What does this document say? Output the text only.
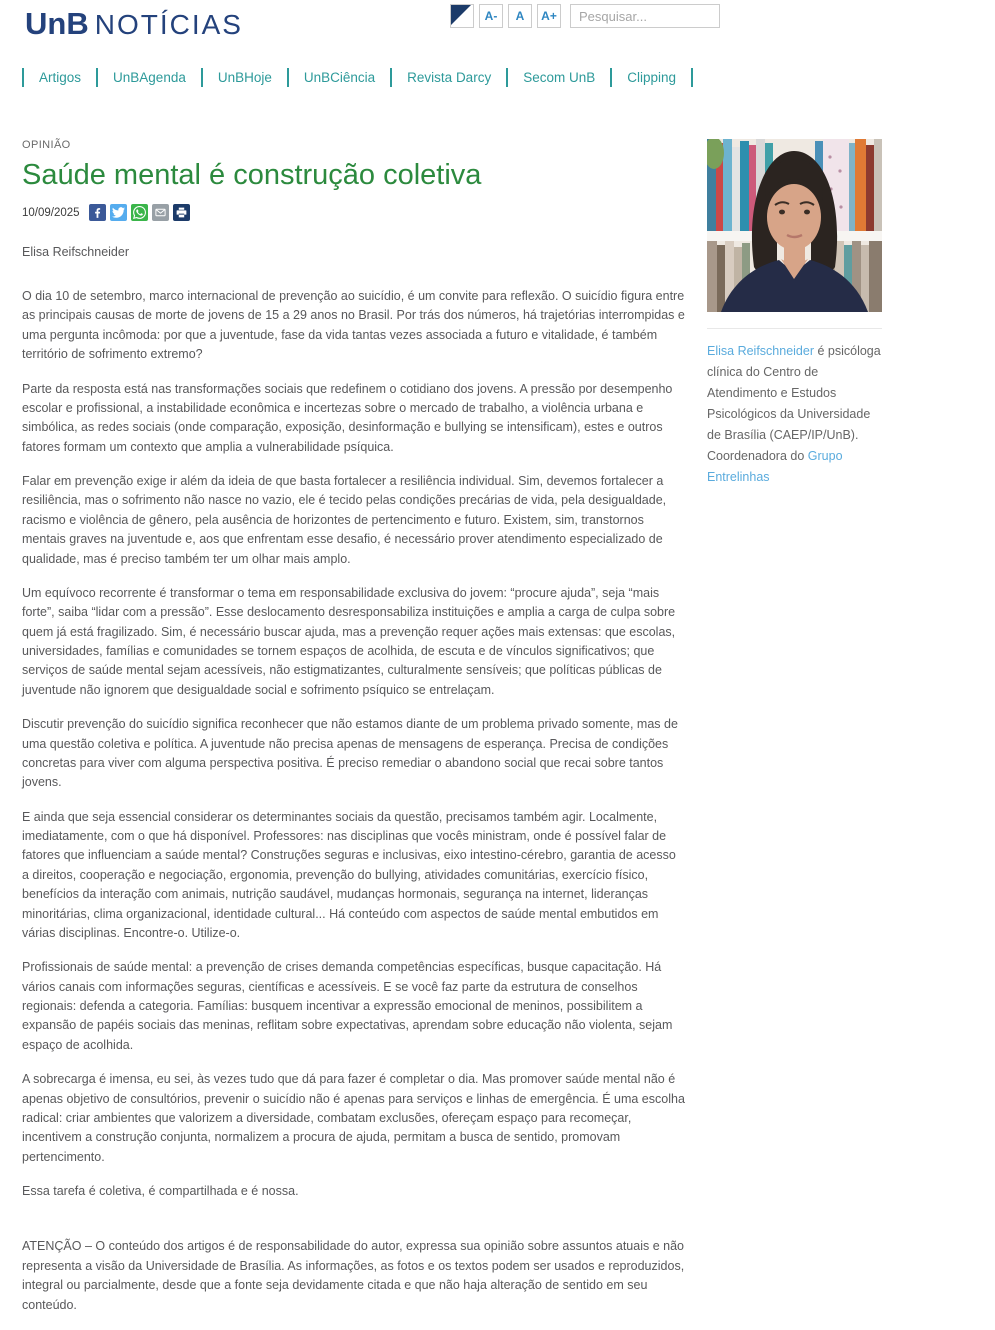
UnB NOTÍCIAS	A-	A	A+
Pesquisar...
Artigos	UnBAgenda	UnBHoje	UnBCiência	Revista Darcy	Secom UnB	Clipping
OPINIÃO
Saúde mental é construção coletiva
10/09/2025
Elisa Reifschneider

O dia 10 de setembro, marco internacional de prevenção ao suicídio, é um convite para reflexão. O suicídio figura entre as principais causas de morte de jovens de 15 a 29 anos no Brasil. Por trás dos números, há trajetórias interrompidas e uma pergunta incômoda: por que a juventude, fase da vida tantas vezes associada a futuro e vitalidade, é também território de sofrimento extremo?

Parte da resposta está nas transformações sociais que redefinem o cotidiano dos jovens. A pressão por desempenho escolar e profissional, a instabilidade econômica e incertezas sobre o mercado de trabalho, a violência urbana e simbólica, as redes sociais (onde comparação, exposição, desinformação e bullying se intensificam), estes e outros fatores formam um contexto que amplia a vulnerabilidade psíquica.

Falar em prevenção exige ir além da ideia de que basta fortalecer a resiliência individual. Sim, devemos fortalecer a resiliência, mas o sofrimento não nasce no vazio, ele é tecido pelas condições precárias de vida, pela desigualdade, racismo e violência de gênero, pela ausência de horizontes de pertencimento e futuro. Existem, sim, transtornos mentais graves na juventude e, aos que enfrentam esse desafio, é necessário prover atendimento especializado de qualidade, mas é preciso também ter um olhar mais amplo.

Um equívoco recorrente é transformar o tema em responsabilidade exclusiva do jovem: “procure ajuda”, seja “mais forte”, saiba “lidar com a pressão”. Esse deslocamento desresponsabiliza instituições e amplia a carga de culpa sobre quem já está fragilizado. Sim, é necessário buscar ajuda, mas a prevenção requer ações mais extensas: que escolas, universidades, famílias e comunidades se tornem espaços de acolhida, de escuta e de vínculos significativos; que serviços de saúde mental sejam acessíveis, não estigmatizantes, culturalmente sensíveis; que políticas públicas de juventude não ignorem que desigualdade social e sofrimento psíquico se entrelaçam.

Discutir prevenção do suicídio significa reconhecer que não estamos diante de um problema privado somente, mas de uma questão coletiva e política. A juventude não precisa apenas de mensagens de esperança. Precisa de condições concretas para viver com alguma perspectiva positiva. É preciso remediar o abandono social que recai sobre tantos jovens.

E ainda que seja essencial considerar os determinantes sociais da questão, precisamos também agir. Localmente, imediatamente, com o que há disponível. Professores: nas disciplinas que vocês ministram, onde é possível falar de fatores que influenciam a saúde mental? Construções seguras e inclusivas, eixo intestino-cérebro, garantia de acesso a direitos, cooperação e negociação, ergonomia, prevenção do bullying, atividades comunitárias, exercício físico, benefícios da interação com animais, nutrição saudável, mudanças hormonais, segurança na internet, lideranças minoritárias, clima organizacional, identidade cultural... Há conteúdo com aspectos de saúde mental embutidos em várias disciplinas. Encontre-o. Utilize-o.

Profissionais de saúde mental: a prevenção de crises demanda competências específicas, busque capacitação. Há vários canais com informações seguras, científicas e acessíveis. E se você faz parte da estrutura de conselhos regionais: defenda a categoria. Famílias: busquem incentivar a expressão emocional de meninos, possibilitem a expansão de papéis sociais das meninas, reflitam sobre expectativas, aprendam sobre educação não violenta, sejam espaço de acolhida.

A sobrecarga é imensa, eu sei, às vezes tudo que dá para fazer é completar o dia. Mas promover saúde mental não é apenas objetivo de consultórios, prevenir o suicídio não é apenas para serviços e linhas de emergência. É uma escolha radical: criar ambientes que valorizem a diversidade, combatam exclusões, ofereçam espaço para recomeçar, incentivem a construção conjunta, normalizem a procura de ajuda, permitam a busca de sentido, promovam pertencimento.

Essa tarefa é coletiva, é compartilhada e é nossa.

ATENÇÃO – O conteúdo dos artigos é de responsabilidade do autor, expressa sua opinião sobre assuntos atuais e não representa a visão da Universidade de Brasília. As informações, as fotos e os textos podem ser usados e reproduzidos, integral ou parcialmente, desde que a fonte seja devidamente citada e que não haja alteração de sentido em seu conteúdo.

Elisa Reifschneider é psicóloga clínica do Centro de Atendimento e Estudos Psicológicos da Universidade de Brasília (CAEP/IP/UnB). Coordenadora do Grupo Entrelinhas
